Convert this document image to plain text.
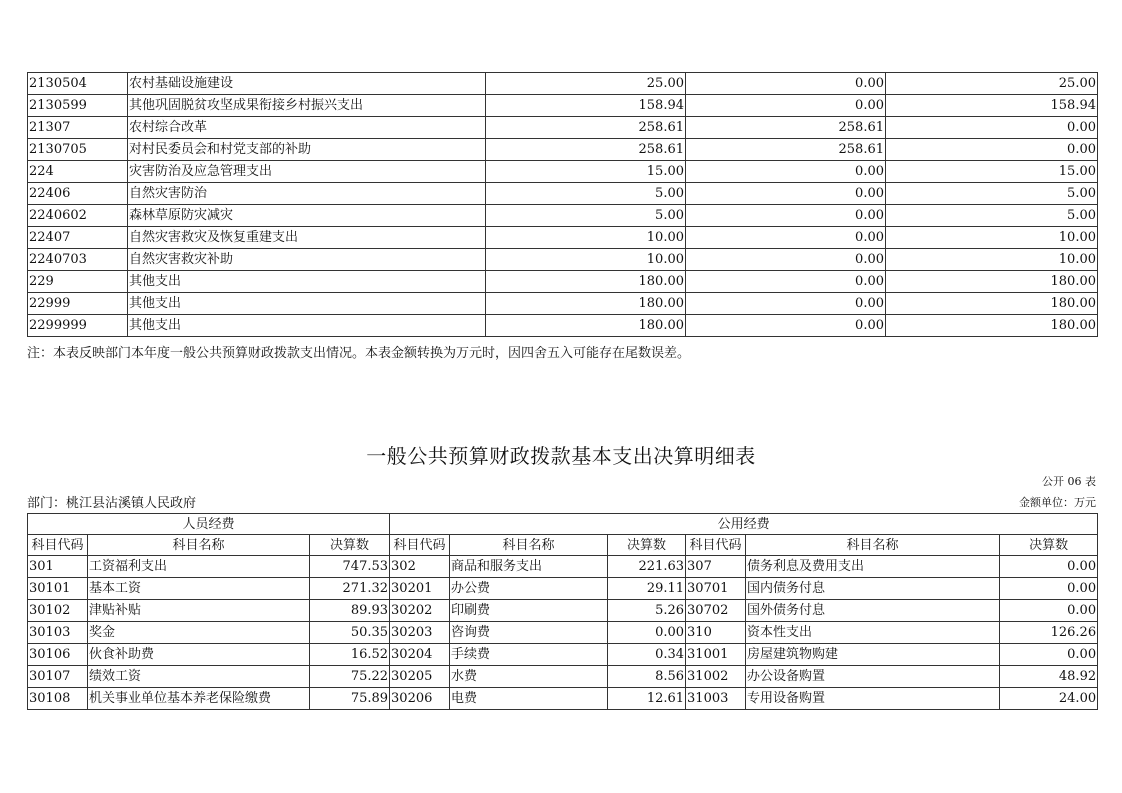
2130504	农村基础设施建设	25.00	0.00	25.00
2130599	其他巩固脱贫攻坚成果衔接乡村振兴支出	158.94	0.00	158.94
21307	农村综合改革	258.61	258.61	0.00
2130705	对村民委员会和村党支部的补助	258.61	258.61	0.00
224	灾害防治及应急管理支出	15.00	0.00	15.00
22406	自然灾害防治	5.00	0.00	5.00
2240602	森林草原防灾减灾	5.00	0.00	5.00
22407	自然灾害救灾及恢复重建支出	10.00	0.00	10.00
2240703	自然灾害救灾补助	10.00	0.00	10.00
229	其他支出	180.00	0.00	180.00
22999	其他支出	180.00	0.00	180.00
2299999	其他支出	180.00	0.00	180.00
注：本表反映部门本年度一般公共预算财政拨款支出情况。本表金额转换为万元时，因四舍五入可能存在尾数误差。
一般公共预算财政拨款基本支出决算明细表
公开 06 表
部门：桃江县沾溪镇人民政府	金额单位：万元
人员经费			公用经费					
科目代码	科目名称	决算数	科目代码	科目名称	决算数	科目代码	科目名称	决算数
301	工资福利支出	747.53	302	商品和服务支出	221.63	307	债务利息及费用支出	0.00
30101	基本工资	271.32	30201	办公费	29.11	30701	国内债务付息	0.00
30102	津贴补贴	89.93	30202	印刷费	5.26	30702	国外债务付息	0.00
30103	奖金	50.35	30203	咨询费	0.00	310	资本性支出	126.26
30106	伙食补助费	16.52	30204	手续费	0.34	31001	房屋建筑物购建	0.00
30107	绩效工资	75.22	30205	水费	8.56	31002	办公设备购置	48.92
30108	机关事业单位基本养老保险缴费	75.89	30206	电费	12.61	31003	专用设备购置	24.00
